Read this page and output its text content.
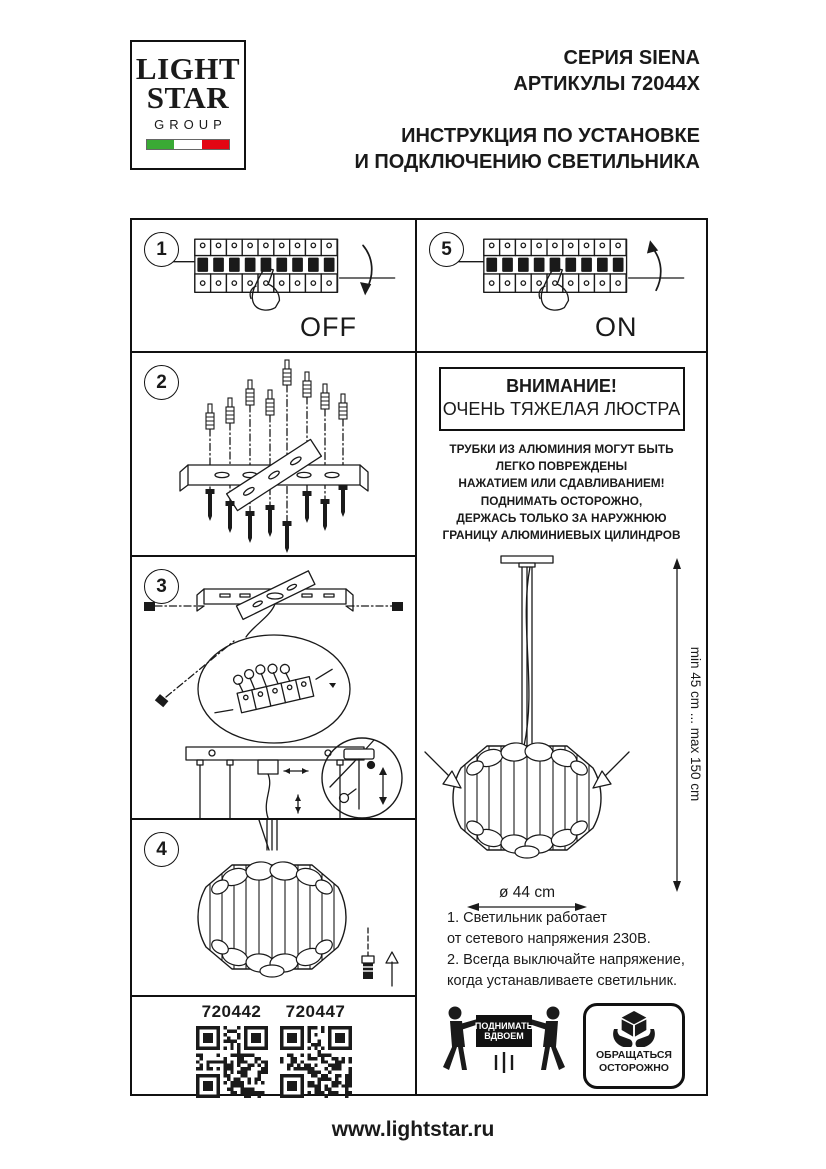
LIGHT
STAR
GROUP
СЕРИЯ SIENA
АРТИКУЛЫ 72044X
ИНСТРУКЦИЯ ПО УСТАНОВКЕ
И ПОДКЛЮЧЕНИЮ СВЕТИЛЬНИКА
1
OFF
5
ON
2
3
4
720442	720447
ВНИМАНИЕ!
ОЧЕНЬ ТЯЖЕЛАЯ ЛЮСТРА
ТРУБКИ ИЗ АЛЮМИНИЯ МОГУТ БЫТЬ
ЛЕГКО ПОВРЕЖДЕНЫ
НАЖАТИЕМ ИЛИ СДАВЛИВАНИЕМ!
ПОДНИМАТЬ ОСТОРОЖНО,
ДЕРЖАСЬ ТОЛЬКО ЗА НАРУЖНЮЮ
ГРАНИЦУ АЛЮМИНИЕВЫХ ЦИЛИНДРОВ
min 45 cm ... max 150 cm
ø 44 cm
1. Светильник работает
от сетевого напряжения 230В.
2. Всегда выключайте напряжение,
когда устанавливаете светильник.
ПОДНИМАТЬ
ВДВОЕМ
ОБРАЩАТЬСЯ
ОСТОРОЖНО
www.lightstar.ru
